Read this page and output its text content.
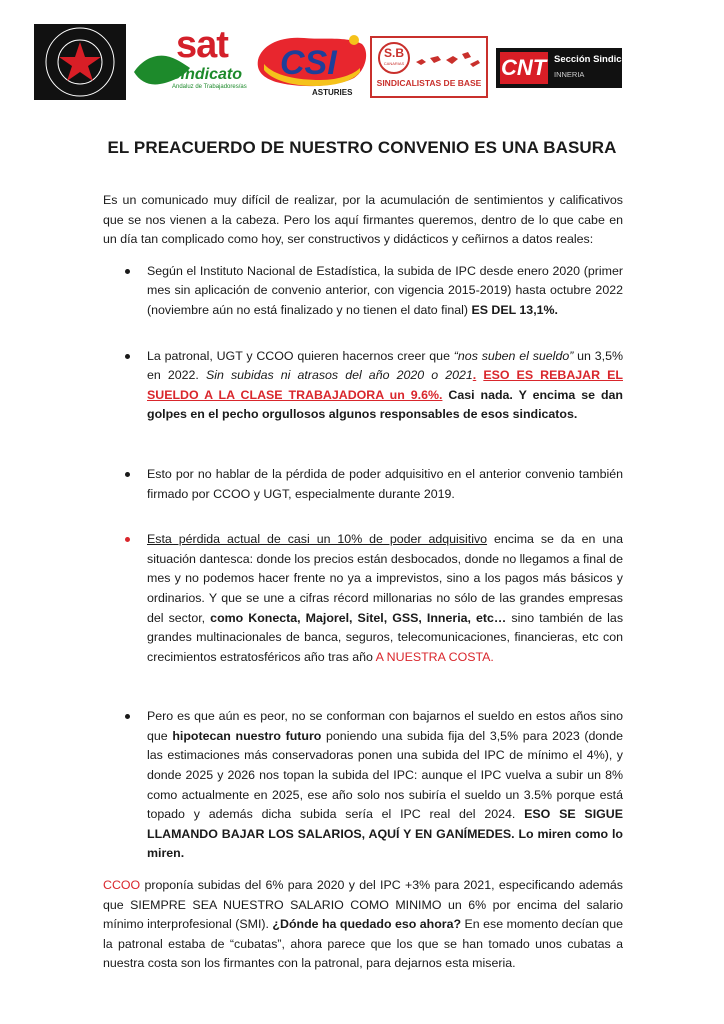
sat
Sindicato
Andaluz de Trabajadores/as
CSI
ASTURIES
S.B
CANARIAS
SINDICALISTAS DE BASE
CNT Sección Sindical
INNERIA
EL PREACUERDO DE NUESTRO CONVENIO ES UNA BASURA

Es un comunicado muy difícil de realizar, por la acumulación de sentimientos y calificativos que se nos vienen a la cabeza. Pero los aquí firmantes queremos, dentro de lo que cabe en un día tan complicado como hoy, ser constructivos y didácticos y ceñirnos a datos reales:

Según el Instituto Nacional de Estadística, la subida de IPC desde enero 2020 (primer mes sin aplicación de convenio anterior, con vigencia 2015-2019) hasta octubre 2022 (noviembre aún no está finalizado y no tienen el dato final) ES DEL 13,1%.
La patronal, UGT y CCOO quieren hacernos creer que “nos suben el sueldo” un 3,5% en 2022. Sin subidas ni atrasos del año 2020 o 2021. ESO ES REBAJAR EL SUELDO A LA CLASE TRABAJADORA un 9.6%. Casi nada. Y encima se dan golpes en el pecho orgullosos algunos responsables de esos sindicatos.
Esto por no hablar de la pérdida de poder adquisitivo en el anterior convenio también firmado por CCOO y UGT, especialmente durante 2019.
Esta pérdida actual de casi un 10% de poder adquisitivo encima se da en una situación dantesca: donde los precios están desbocados, donde no llegamos a final de mes y no podemos hacer frente no ya a imprevistos, sino a los pagos más básicos y ordinarios. Y que se une a cifras récord millonarias no sólo de las grandes empresas del sector, como Konecta, Majorel, Sitel, GSS, Inneria, etc… sino también de las grandes multinacionales de banca, seguros, telecomunicaciones, financieras, etc con crecimientos estratosféricos año tras año A NUESTRA COSTA.
Pero es que aún es peor, no se conforman con bajarnos el sueldo en estos años sino que hipotecan nuestro futuro poniendo una subida fija del 3,5% para 2023 (donde las estimaciones más conservadoras ponen una subida del IPC de mínimo el 4%), y donde 2025 y 2026 nos topan la subida del IPC: aunque el IPC vuelva a subir un 8% como actualmente en 2025, ese año solo nos subiría el sueldo un 3.5% porque está topado y además dicha subida sería el IPC real del 2024. ESO SE SIGUE LLAMANDO BAJAR LOS SALARIOS, AQUÍ Y EN GANÍMEDES. Lo miren como lo miren.

CCOO proponía subidas del 6% para 2020 y del IPC +3% para 2021, especificando además que SIEMPRE SEA NUESTRO SALARIO COMO MINIMO un 6% por encima del salario mínimo interprofesional (SMI). ¿Dónde ha quedado eso ahora? En ese momento decían que la patronal estaba de “cubatas”, ahora parece que los que se han tomado unos cubatas a nuestra costa son los firmantes con la patronal, para dejarnos esta miseria.
